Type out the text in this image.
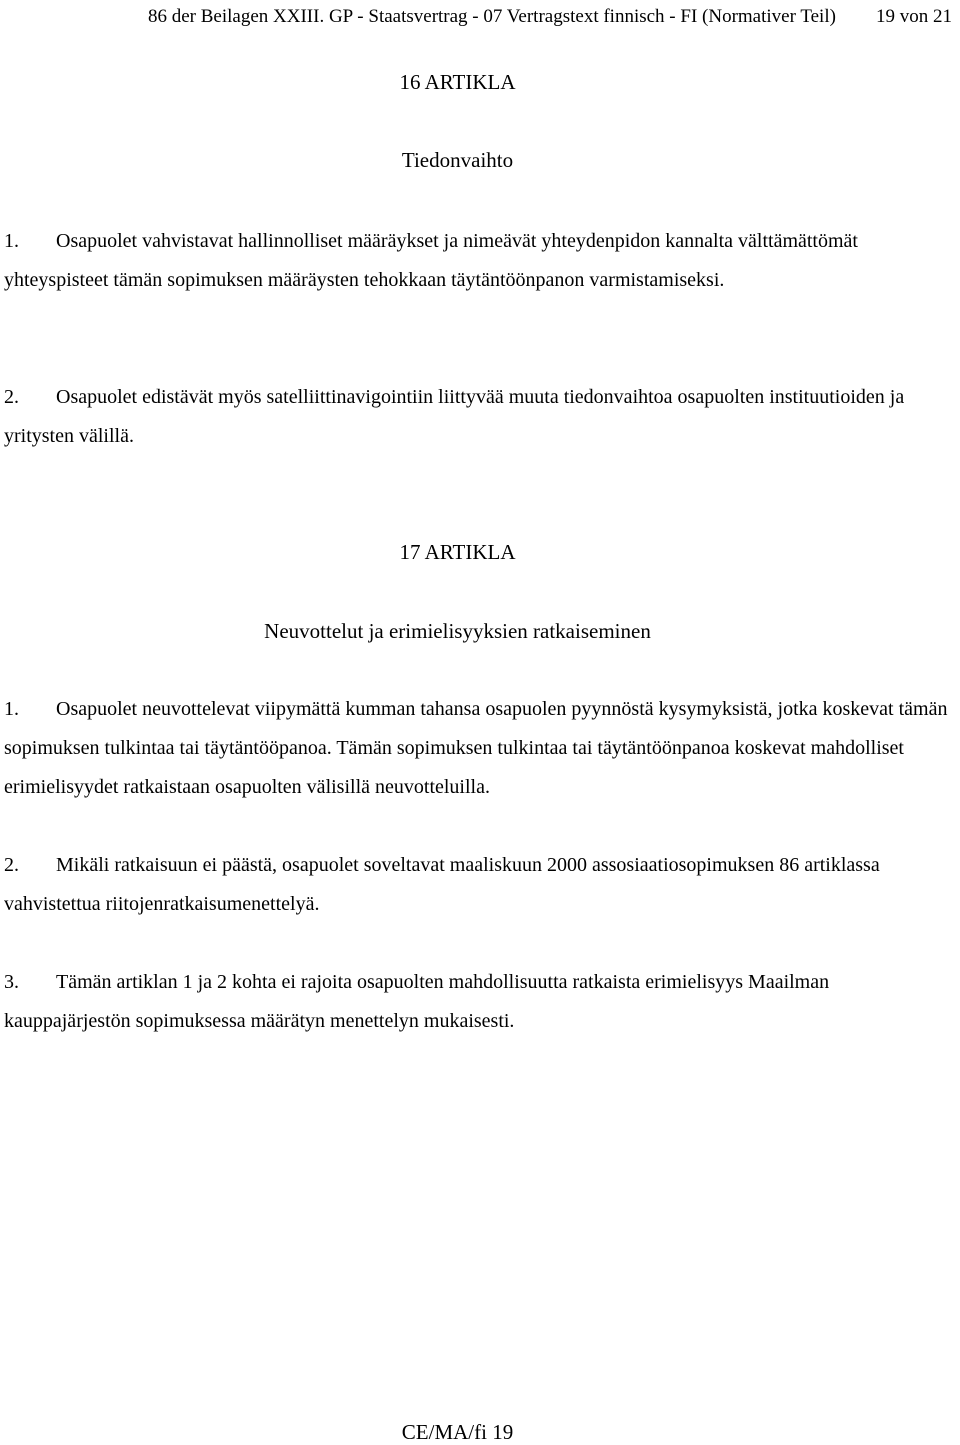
86 der Beilagen XXIII. GP - Staatsvertrag - 07 Vertragstext finnisch - FI (Normativer Teil) 19 von 21
16 ARTIKLA
Tiedonvaihto
1. Osapuolet vahvistavat hallinnolliset määräykset ja nimeävät yhteydenpidon kannalta välttämättömät yhteyspisteet tämän sopimuksen määräysten tehokkaan täytäntöönpanon varmistamiseksi.
2. Osapuolet edistävät myös satelliittinavigointiin liittyvää muuta tiedonvaihtoa osapuolten instituutioiden ja yritysten välillä.
17 ARTIKLA
Neuvottelut ja erimielisyyksien ratkaiseminen
1. Osapuolet neuvottelevat viipymättä kumman tahansa osapuolen pyynnöstä kysymyksistä, jotka koskevat tämän sopimuksen tulkintaa tai täytäntööpanoa. Tämän sopimuksen tulkintaa tai täytäntöönpanoa koskevat mahdolliset erimielisyydet ratkaistaan osapuolten välisillä neuvotteluilla.
2. Mikäli ratkaisuun ei päästä, osapuolet soveltavat maaliskuun 2000 assosiaatiosopimuksen 86 artiklassa vahvistettua riitojenratkaisumenettelyä.
3. Tämän artiklan 1 ja 2 kohta ei rajoita osapuolten mahdollisuutta ratkaista erimielisyys Maailman kauppajärjestön sopimuksessa määrätyn menettelyn mukaisesti.
CE/MA/fi 19
